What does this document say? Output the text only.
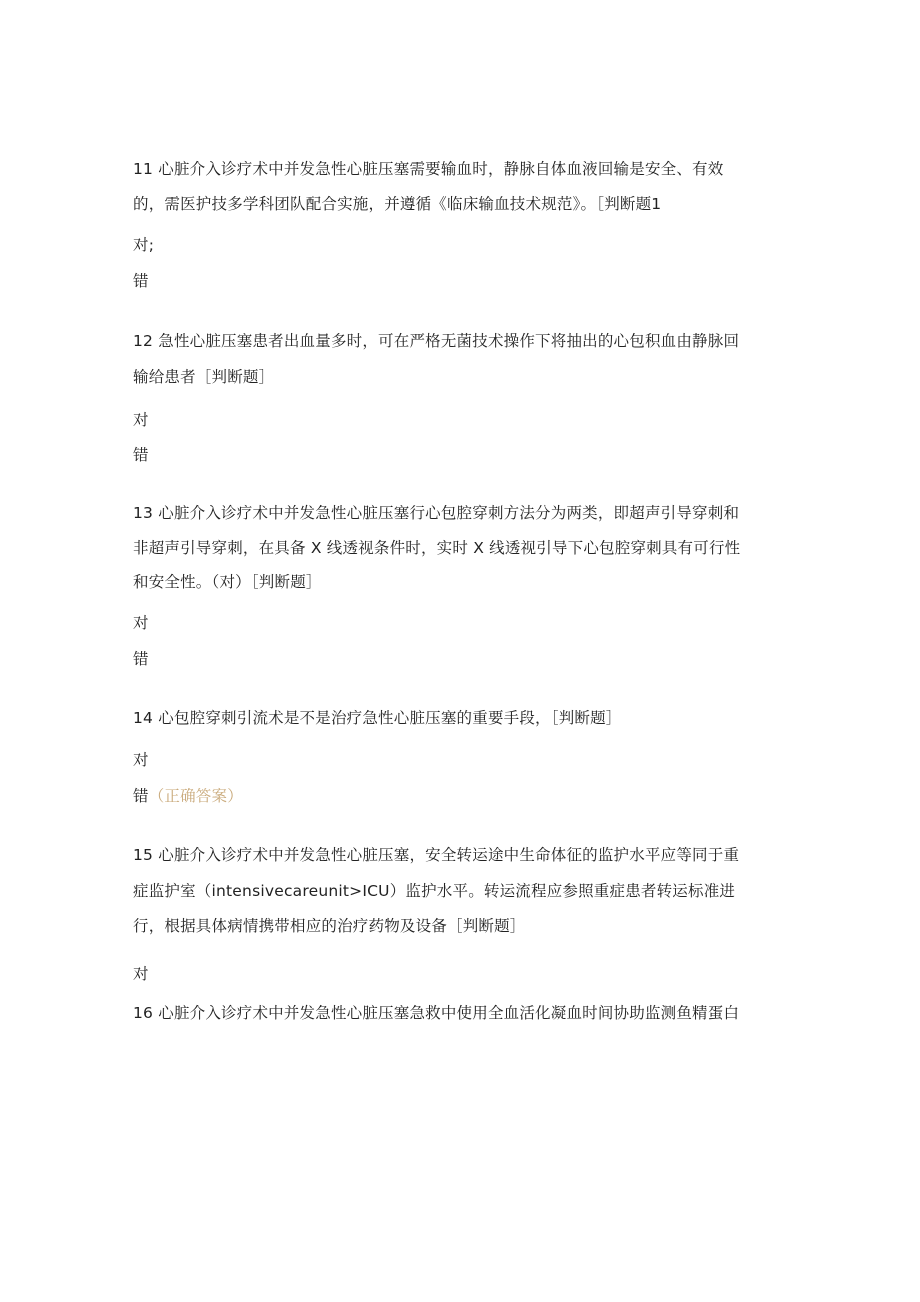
11 心脏介入诊疗术中并发急性心脏压塞需要输血时，静脉自体血液回输是安全、有效
的，需医护技多学科团队配合实施，并遵循《临床输血技术规范》。［判断题1
对;
错
12 急性心脏压塞患者出血量多时，可在严格无菌技术操作下将抽出的心包积血由静脉回
输给患者［判断题］
对
错
13 心脏介入诊疗术中并发急性心脏压塞行心包腔穿刺方法分为两类，即超声引导穿刺和
非超声引导穿刺，在具备 X 线透视条件时，实时 X 线透视引导下心包腔穿刺具有可行性
和安全性。（对）［判断题］
对
错
14 心包腔穿刺引流术是不是治疗急性心脏压塞的重要手段，［判断题］
对
错（正确答案）
15 心脏介入诊疗术中并发急性心脏压塞，安全转运途中生命体征的监护水平应等同于重
症监护室（intensivecareunit>ICU）监护水平。转运流程应参照重症患者转运标准进
行，根据具体病情携带相应的治疗药物及设备［判断题］
对
16 心脏介入诊疗术中并发急性心脏压塞急救中使用全血活化凝血时间协助监测鱼精蛋白
